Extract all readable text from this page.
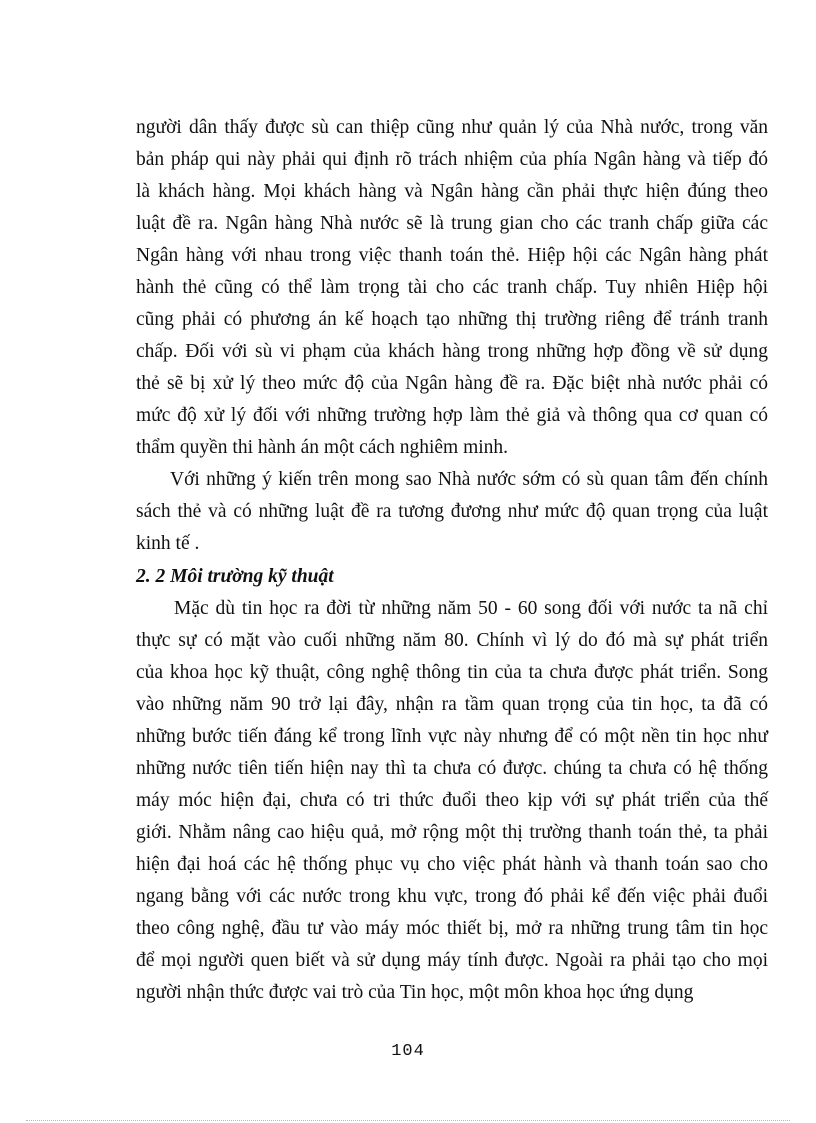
người dân thấy được sù can thiệp cũng như quản lý của Nhà nước, trong văn
bản pháp qui này phải qui định rõ trách nhiệm của phía Ngân hàng và tiếp đó
là khách hàng. Mọi khách hàng và Ngân hàng cần phải thực hiện đúng theo
luật đề ra. Ngân hàng Nhà nước sẽ là trung gian cho các tranh chấp giữa các
Ngân hàng với nhau trong việc thanh toán thẻ. Hiệp hội các Ngân hàng phát
hành thẻ cũng có thể làm trọng tài cho các tranh chấp. Tuy nhiên Hiệp hội
cũng phải có phương án kế hoạch tạo những thị trường riêng để tránh tranh
chấp. Đối với sù vi phạm của khách hàng trong những hợp đồng về sử dụng
thẻ sẽ bị xử lý theo mức độ của Ngân hàng đề ra. Đặc biệt nhà nước phải có
mức độ xử lý đối với những trường hợp làm thẻ giả và thông qua cơ quan có
thẩm quyền thi hành án một cách nghiêm minh.
Với những ý kiến trên mong sao Nhà nước sớm có sù quan tâm đến chính
sách thẻ và có những luật đề ra tương đương như mức độ quan trọng của luật
kinh tế .
2. 2 Môi trường kỹ thuật
Mặc dù tin học ra đời từ những năm 50 - 60 song đối với nước ta nã chỉ
thực sự có mặt vào cuối những năm 80. Chính vì lý do đó mà sự phát triển
của khoa học kỹ thuật, công nghệ thông tin của ta chưa được phát triển. Song
vào những năm 90 trở lại đây, nhận ra tầm quan trọng của tin học, ta đã có
những bước tiến đáng kể trong lĩnh vực này nhưng để có một nền tin học như
những nước tiên tiến hiện nay thì ta chưa có được. chúng ta chưa có hệ thống
máy móc hiện đại, chưa có tri thức đuổi theo kịp với sự phát triển của thế
giới. Nhằm nâng cao hiệu quả, mở rộng một thị trường thanh toán thẻ, ta phải
hiện đại hoá các hệ thống phục vụ cho việc phát hành và thanh toán sao cho
ngang bằng với các nước trong khu vực, trong đó phải kể đến việc phải đuổi
theo công nghệ, đầu tư vào máy móc thiết bị, mở ra những trung tâm tin học
để mọi người quen biết và sử dụng máy tính được. Ngoài ra phải tạo cho mọi
người nhận thức được vai trò của Tin học, một môn khoa học ứng dụng
104
